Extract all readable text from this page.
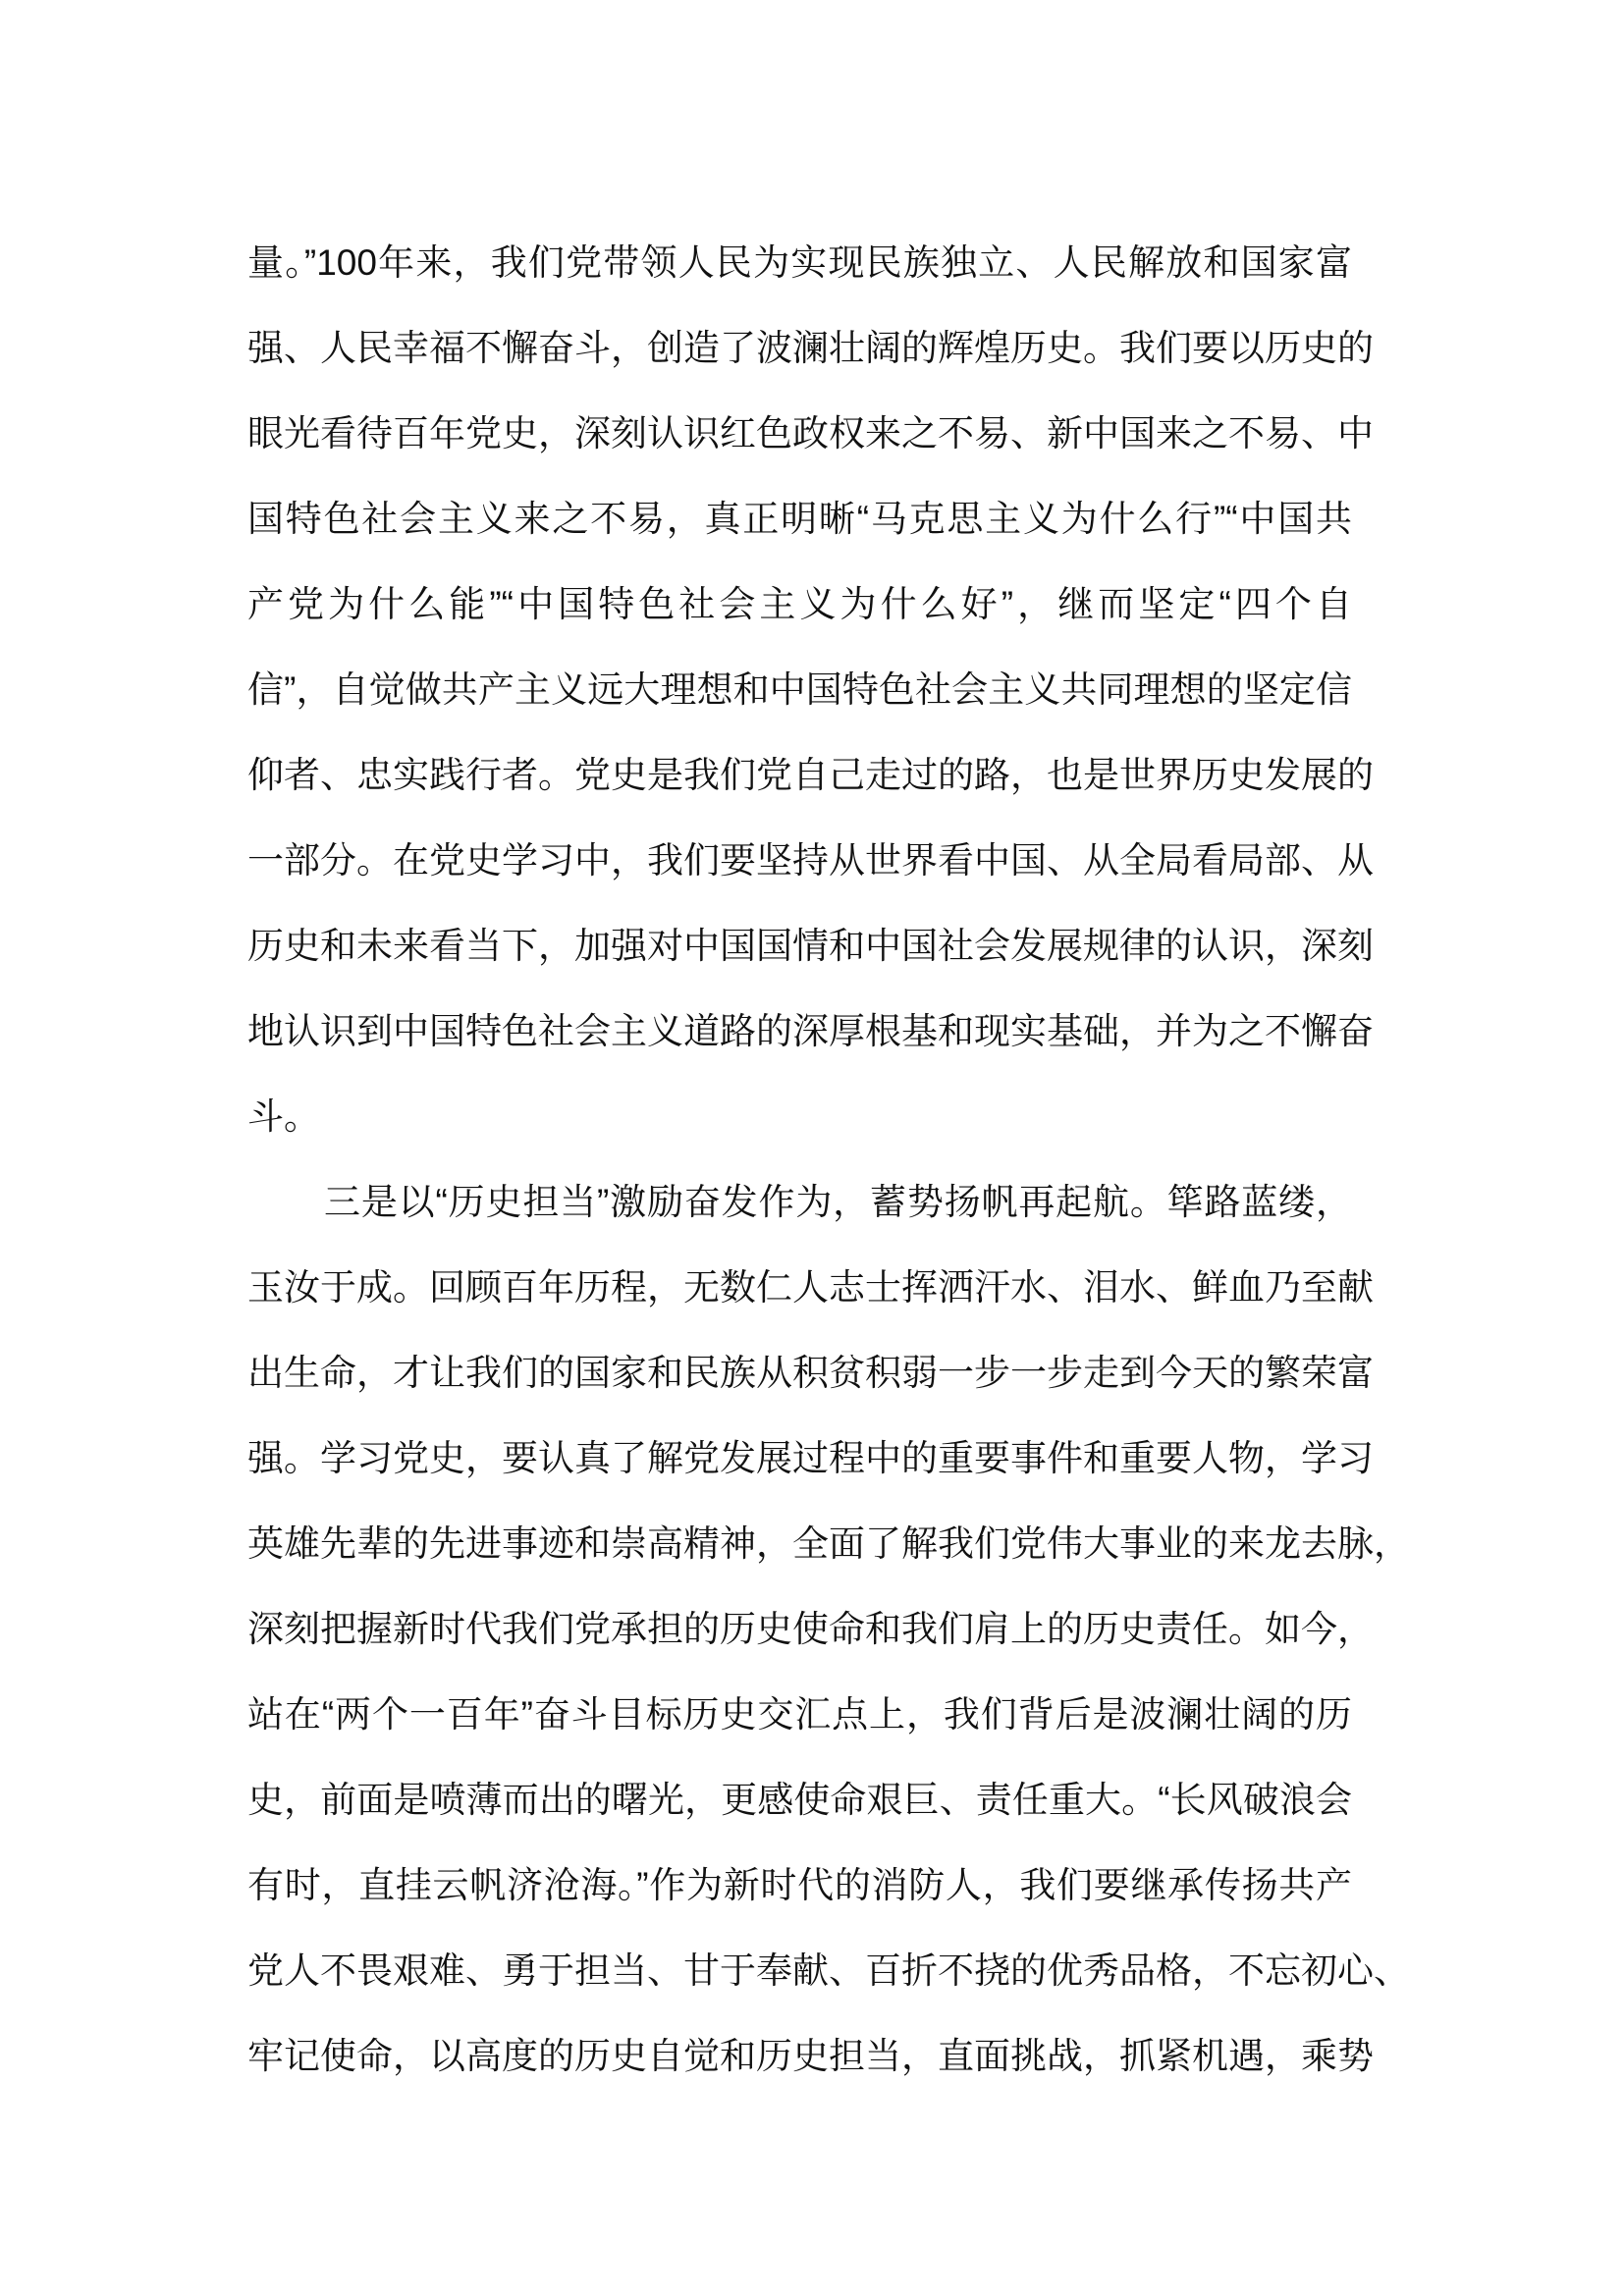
量。”100年来，我们党带领人民为实现民族独立、人民解放和国家富
强、人民幸福不懈奋斗，创造了波澜壮阔的辉煌历史。我们要以历史的
眼光看待百年党史，深刻认识红色政权来之不易、新中国来之不易、中
国特色社会主义来之不易，真正明晰“马克思主义为什么行”“中国共
产党为什么能”“中国特色社会主义为什么好”，继而坚定“四个自
信”，自觉做共产主义远大理想和中国特色社会主义共同理想的坚定信
仰者、忠实践行者。党史是我们党自己走过的路，也是世界历史发展的
一部分。在党史学习中，我们要坚持从世界看中国、从全局看局部、从
历史和未来看当下，加强对中国国情和中国社会发展规律的认识，深刻
地认识到中国特色社会主义道路的深厚根基和现实基础，并为之不懈奋
斗。
三是以“历史担当”激励奋发作为，蓄势扬帆再起航。筚路蓝缕，
玉汝于成。回顾百年历程，无数仁人志士挥洒汗水、泪水、鲜血乃至献
出生命，才让我们的国家和民族从积贫积弱一步一步走到今天的繁荣富
强。学习党史，要认真了解党发展过程中的重要事件和重要人物，学习
英雄先辈的先进事迹和崇高精神，全面了解我们党伟大事业的来龙去脉，
深刻把握新时代我们党承担的历史使命和我们肩上的历史责任。如今，
站在“两个一百年”奋斗目标历史交汇点上，我们背后是波澜壮阔的历
史，前面是喷薄而出的曙光，更感使命艰巨、责任重大。“长风破浪会
有时，直挂云帆济沧海。”作为新时代的消防人，我们要继承传扬共产
党人不畏艰难、勇于担当、甘于奉献、百折不挠的优秀品格，不忘初心、
牢记使命，以高度的历史自觉和历史担当，直面挑战，抓紧机遇，乘势
